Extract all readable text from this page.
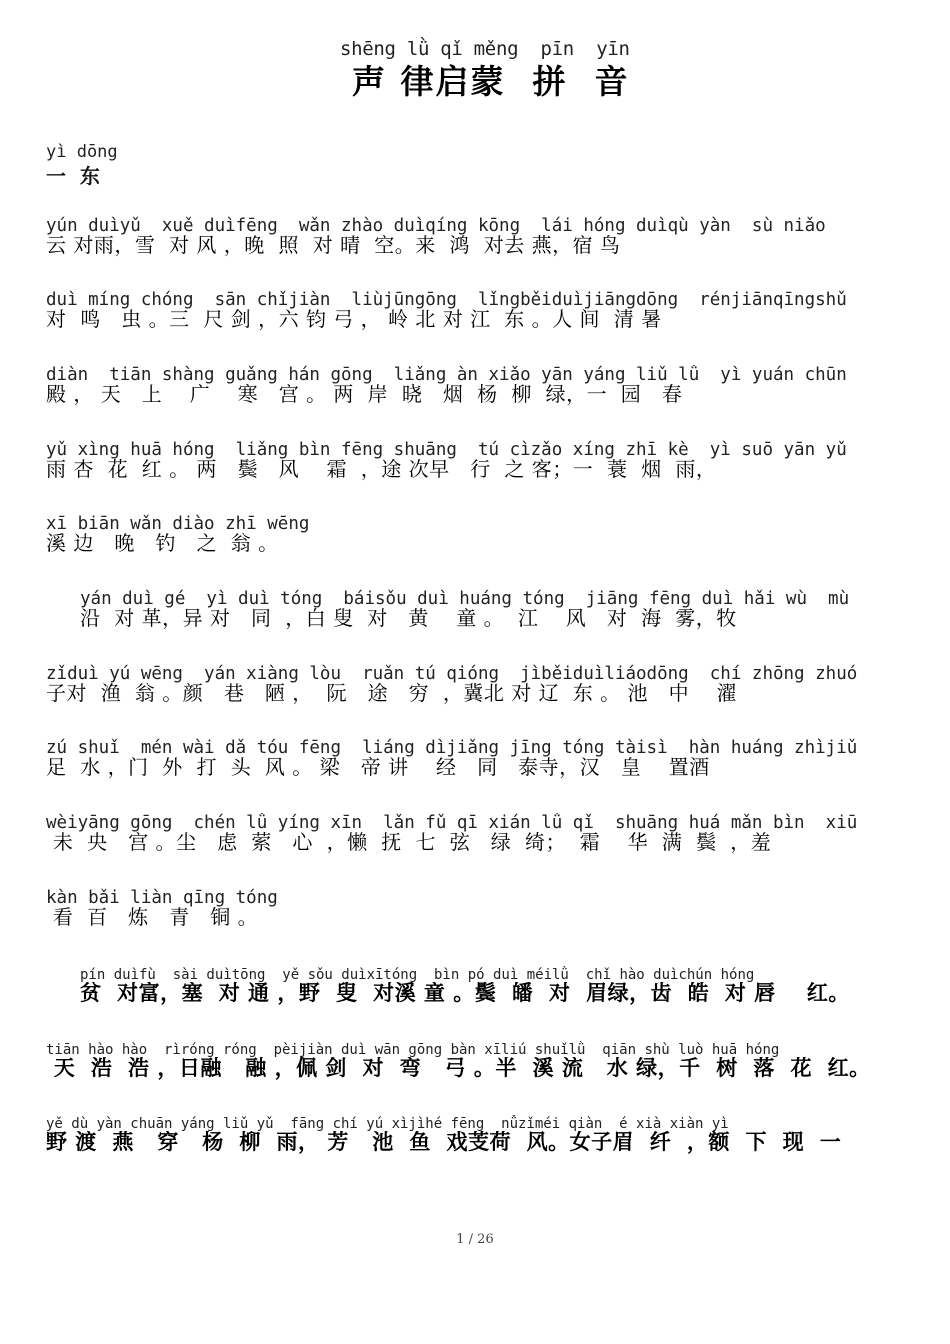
shēng lǜ qǐ měng  pīn  yīn
声 律启蒙  拼  音
yì dōng
一  东
yún duìyǔ  xuě duìfēng  wǎn zhào duìqíng kōng  lái hóng duìqù yàn  sù niǎo
云 对雨，雪  对 风 ，晚  照  对 晴  空。来  鸿  对去 燕，宿 鸟
duì míng chóng  sān chǐjiàn  liùjūngōng  lǐngběiduìjiāngdōng  rénjiānqīngshǔ
对  鸣   虫 。三  尺 剑 ，六 钧 弓 ， 岭 北 对 江  东 。人 间  清 暑
diàn  tiān shàng guǎng hán gōng  liǎng àn xiǎo yān yáng liǔ lǜ  yì yuán chūn
殿 ， 天   上    广    寒   宫 。 两  岸  晓   烟  杨  柳  绿，一  园   春
yǔ xìng huā hóng  liǎng bìn fēng shuāng  tú cìzǎo xíng zhī kè  yì suō yān yǔ
雨 杏  花  红 。 两   鬓   风    霜  ，途 次早   行  之 客；一  蓑  烟  雨，
xī biān wǎn diào zhī wēng
溪 边   晚   钓   之  翁 。
yán duì gé  yì duì tóng  báisǒu duì huáng tóng  jiāng fēng duì hǎi wù  mù
沿  对 革，异 对   同  ，白 叟  对   黄    童 。  江    风   对  海  雾，牧
zǐduì yú wēng  yán xiàng lòu  ruǎn tú qióng  jìběiduìliáodōng  chí zhōng zhuó
子对  渔  翁 。颜   巷   陋 ，  阮   途   穷  ，冀北 对 辽  东 。 池   中    濯
zú shuǐ  mén wài dǎ tóu fēng  liáng dìjiǎng jīng tóng tàisì  hàn huáng zhìjiǔ
足  水 ，门  外  打  头  风 。 梁   帝 讲    经   同   泰寺，汉   皇    置酒
wèiyāng gōng  chén lǜ yíng xīn  lǎn fǔ qī xián lǜ qǐ  shuāng huá mǎn bìn  xiū
未  央   宫 。尘   虑  萦   心  ，懒  抚  七  弦   绿  绮；  霜    华  满  鬓  ，羞
kàn bǎi liàn qīng tóng
看  百   炼   青   铜 。
pín duìfù  sài duìtōng  yě sǒu duìxītóng  bìn pó duì méilǜ  chǐ hào duìchún hóng
贫  对富，塞  对 通 ，野  叟  对溪 童 。鬓  皤  对  眉绿，齿  皓  对 唇    红。
tiān hào hào  rìróng róng  pèijiàn duì wān gōng bàn xīliú shuǐlǜ  qiān shù luò huā hóng
天  浩  浩 ，日融   融 ，佩 剑  对  弯   弓 。半  溪 流   水 绿，千  树  落  花  红。
yě dù yàn chuān yáng liǔ yǔ  fāng chí yú xìjìhé fēng  nǚzǐméi qiàn  é xià xiàn yì
野 渡  燕   穿   杨  柳  雨， 芳   池  鱼  戏芰荷  风。女子眉  纤  ，额  下  现  一
1 / 26
